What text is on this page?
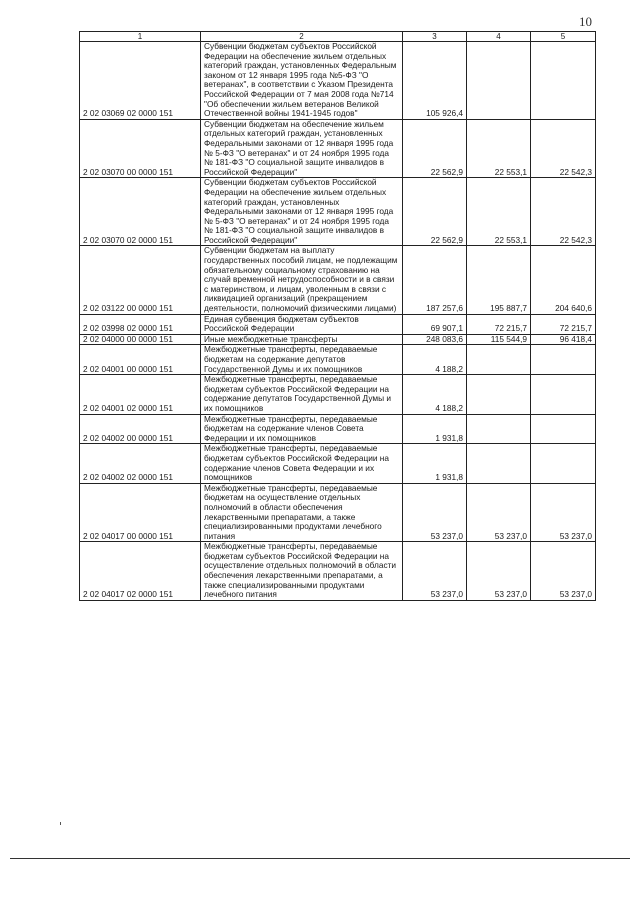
10
1	2	3	4	5
2 02 03069 02 0000 151	Субвенции бюджетам субъектов Российской Федерации на обеспечение жильем отдельных категорий граждан, установленных Федеральным законом от 12 января 1995 года №5-ФЗ "О ветеранах", в соответствии с Указом Президента Российской Федерации от 7 мая 2008 года №714 "Об обеспечении жильем ветеранов Великой Отечественной войны 1941-1945 годов"	105 926,4		
2 02 03070 00 0000 151	Субвенции бюджетам на обеспечение жильем отдельных категорий граждан, установленных Федеральными законами от 12 января 1995 года № 5-ФЗ "О ветеранах" и от 24 ноября 1995 года № 181-ФЗ "О социальной защите инвалидов в Российской Федерации"	22 562,9	22 553,1	22 542,3
2 02 03070 02 0000 151	Субвенции бюджетам субъектов Российской Федерации на обеспечение жильем отдельных категорий граждан, установленных Федеральными законами от 12 января 1995 года № 5-ФЗ "О ветеранах" и от 24 ноября 1995 года № 181-ФЗ "О социальной защите инвалидов в Российской Федерации"	22 562,9	22 553,1	22 542,3
2 02 03122 00 0000 151	Субвенции бюджетам на выплату государственных пособий лицам, не подлежащим обязательному социальному страхованию на случай временной нетрудоспособности и в связи с материнством, и лицам, уволенным в связи с ликвидацией организаций (прекращением деятельности, полномочий физическими лицами)	187 257,6	195 887,7	204 640,6
2 02 03998 02 0000 151	Единая субвенция бюджетам субъектов Российской Федерации	69 907,1	72 215,7	72 215,7
2 02 04000 00 0000 151	Иные межбюджетные трансферты	248 083,6	115 544,9	96 418,4
2 02 04001 00 0000 151	Межбюджетные трансферты, передаваемые бюджетам на содержание депутатов Государственной Думы и их помощников	4 188,2		
2 02 04001 02 0000 151	Межбюджетные трансферты, передаваемые бюджетам субъектов Российской Федерации на содержание депутатов Государственной Думы и их помощников	4 188,2		
2 02 04002 00 0000 151	Межбюджетные трансферты, передаваемые бюджетам на содержание членов Совета Федерации и их помощников	1 931,8		
2 02 04002 02 0000 151	Межбюджетные трансферты, передаваемые бюджетам субъектов Российской Федерации на содержание членов Совета Федерации и их помощников	1 931,8		
2 02 04017 00 0000 151	Межбюджетные трансферты, передаваемые бюджетам на осуществление отдельных полномочий в области обеспечения лекарственными препаратами, а также специализированными продуктами лечебного питания	53 237,0	53 237,0	53 237,0
2 02 04017 02 0000 151	Межбюджетные трансферты, передаваемые бюджетам субъектов Российской Федерации на осуществление отдельных полномочий в области обеспечения лекарственными препаратами, а также специализированными продуктами лечебного питания	53 237,0	53 237,0	53 237,0
